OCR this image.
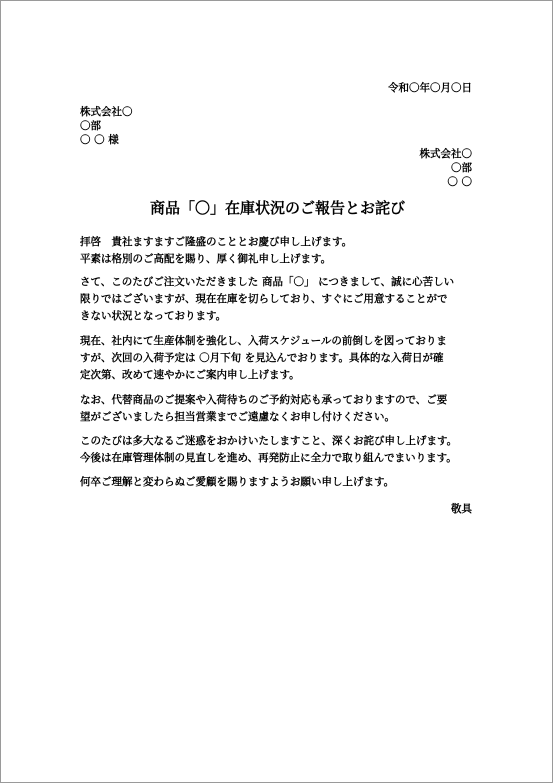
令和〇年〇月〇日
株式会社〇
〇部
〇 〇 様
株式会社〇
〇部
〇 〇
商品「〇」在庫状況のご報告とお詫び
拝啓　貴社ますますご隆盛のこととお慶び申し上げます。
平素は格別のご高配を賜り、厚く御礼申し上げます。
さて、このたびご注文いただきました 商品「〇」 につきまして、誠に心苦しい
限りではございますが、現在在庫を切らしており、すぐにご用意することがで
きない状況となっております。
現在、社内にて生産体制を強化し、入荷スケジュールの前倒しを図っておりま
すが、次回の入荷予定は 〇月下旬 を見込んでおります。具体的な入荷日が確
定次第、改めて速やかにご案内申し上げます。
なお、代替商品のご提案や入荷待ちのご予約対応も承っておりますので、ご要
望がございましたら担当営業までご遠慮なくお申し付けください。
このたびは多大なるご迷惑をおかけいたしますこと、深くお詫び申し上げます。
今後は在庫管理体制の見直しを進め、再発防止に全力で取り組んでまいります。
何卒ご理解と変わらぬご愛顧を賜りますようお願い申し上げます。
敬具
